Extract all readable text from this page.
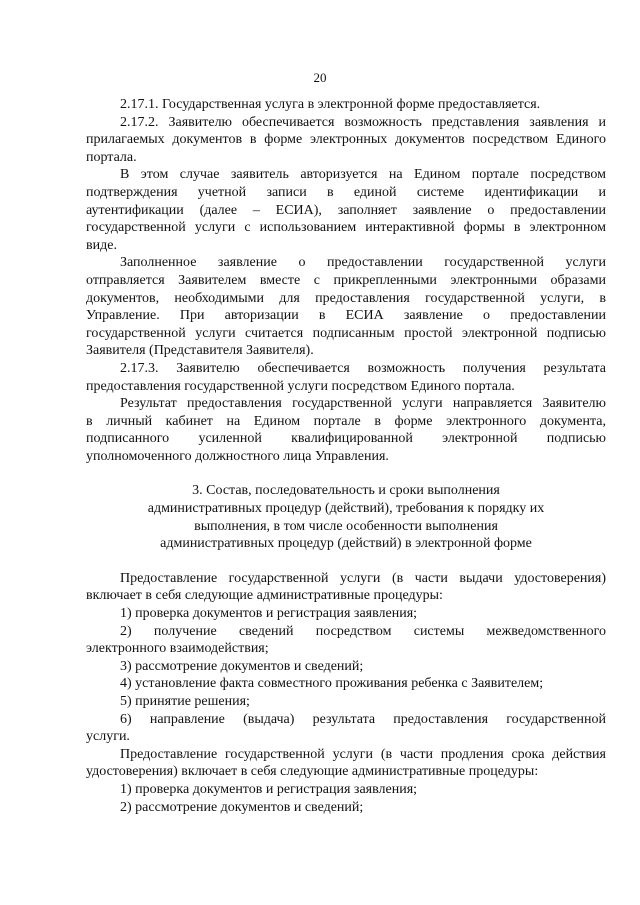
20
2.17.1. Государственная услуга в электронной форме предоставляется.
2.17.2. Заявителю обеспечивается возможность представления заявления и
прилагаемых документов в форме электронных документов посредством Единого
портала.
В этом случае заявитель авторизуется на Едином портале посредством
подтверждения учетной записи в единой системе идентификации и
аутентификации (далее – ЕСИА), заполняет заявление о предоставлении
государственной услуги с использованием интерактивной формы в электронном
виде.
Заполненное заявление о предоставлении государственной услуги
отправляется Заявителем вместе с прикрепленными электронными образами
документов, необходимыми для предоставления государственной услуги, в
Управление. При авторизации в ЕСИА заявление о предоставлении
государственной услуги считается подписанным простой электронной подписью
Заявителя (Представителя Заявителя).
2.17.3. Заявителю обеспечивается возможность получения результата
предоставления государственной услуги посредством Единого портала.
Результат предоставления государственной услуги направляется Заявителю
в личный кабинет на Едином портале в форме электронного документа,
подписанного усиленной квалифицированной электронной подписью
уполномоченного должностного лица Управления.
3. Состав, последовательность и сроки выполнения
административных процедур (действий), требования к порядку их
выполнения, в том числе особенности выполнения
административных процедур (действий) в электронной форме
Предоставление государственной услуги (в части выдачи удостоверения)
включает в себя следующие административные процедуры:
1) проверка документов и регистрация заявления;
2) получение сведений посредством системы межведомственного
электронного взаимодействия;
3) рассмотрение документов и сведений;
4) установление факта совместного проживания ребенка с Заявителем;
5) принятие решения;
6) направление (выдача) результата предоставления государственной
услуги.
Предоставление государственной услуги (в части продления срока действия
удостоверения) включает в себя следующие административные процедуры:
1) проверка документов и регистрация заявления;
2) рассмотрение документов и сведений;
